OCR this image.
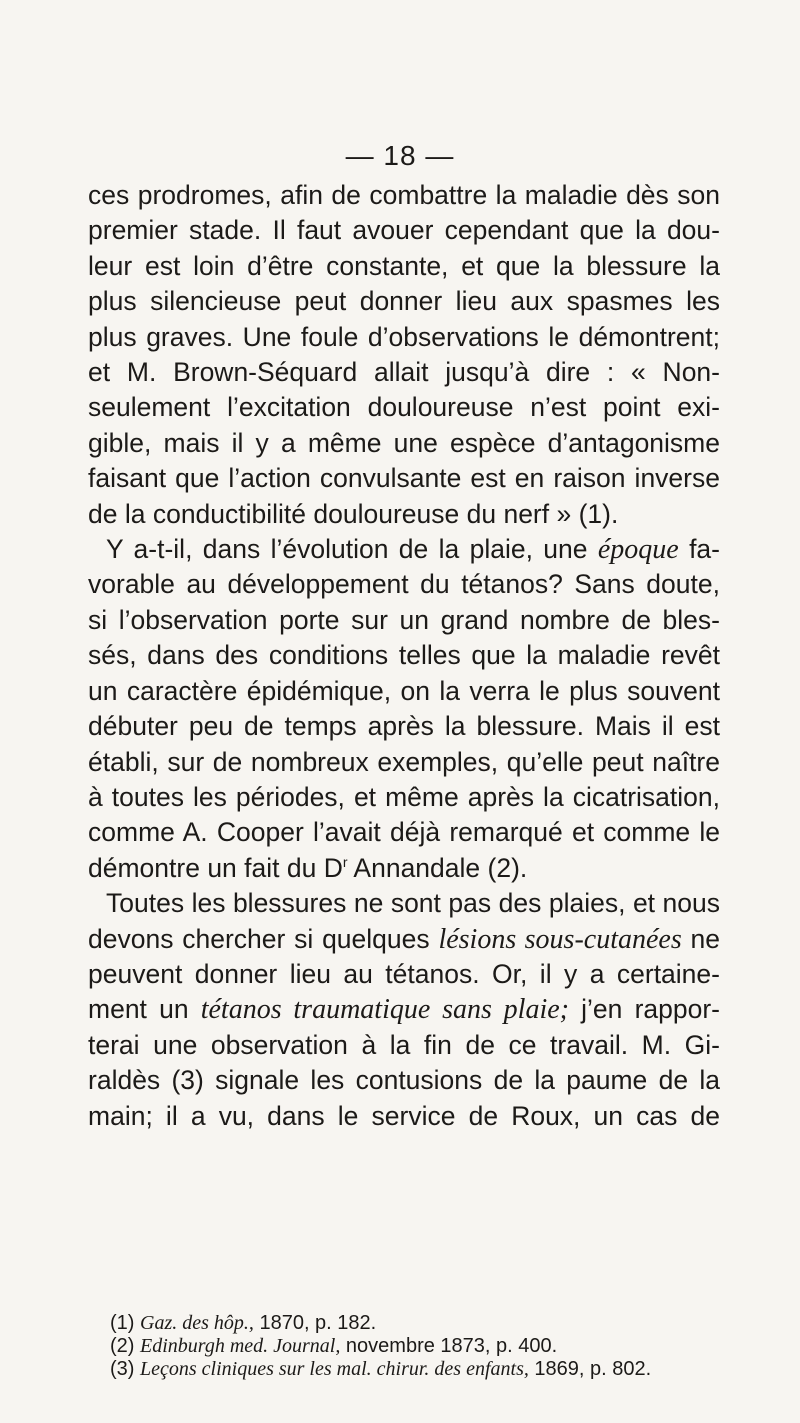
— 18 —
ces prodromes, afin de combattre la maladie dès son
premier stade. Il faut avouer cependant que la dou-
leur est loin d’être constante, et que la blessure la
plus silencieuse peut donner lieu aux spasmes les
plus graves. Une foule d’observations le démontrent;
et M. Brown-Séquard allait jusqu’à dire : « Non-
seulement l’excitation douloureuse n’est point exi-
gible, mais il y a même une espèce d’antagonisme
faisant que l’action convulsante est en raison inverse
de la conductibilité douloureuse du nerf » (1).
Y a-t-il, dans l’évolution de la plaie, une époque fa-
vorable au développement du tétanos? Sans doute,
si l’observation porte sur un grand nombre de bles-
sés, dans des conditions telles que la maladie revêt
un caractère épidémique, on la verra le plus souvent
débuter peu de temps après la blessure. Mais il est
établi, sur de nombreux exemples, qu’elle peut naître
à toutes les périodes, et même après la cicatrisation,
comme A. Cooper l’avait déjà remarqué et comme le
démontre un fait du $D^r$ Annandale (2).
Toutes les blessures ne sont pas des plaies, et nous
devons chercher si quelques lésions sous-cutanées ne
peuvent donner lieu au tétanos. Or, il y a certaine-
ment un tétanos traumatique sans plaie; j’en rappor-
terai une observation à la fin de ce travail. M. Gi-
raldès (3) signale les contusions de la paume de la
main; il a vu, dans le service de Roux, un cas de
(1) Gaz. des hôp., 1870, p. 182.
(2) Edinburgh med. Journal, novembre 1873, p. 400.
(3) Leçons cliniques sur les mal. chirur. des enfants, 1869, p. 802.
